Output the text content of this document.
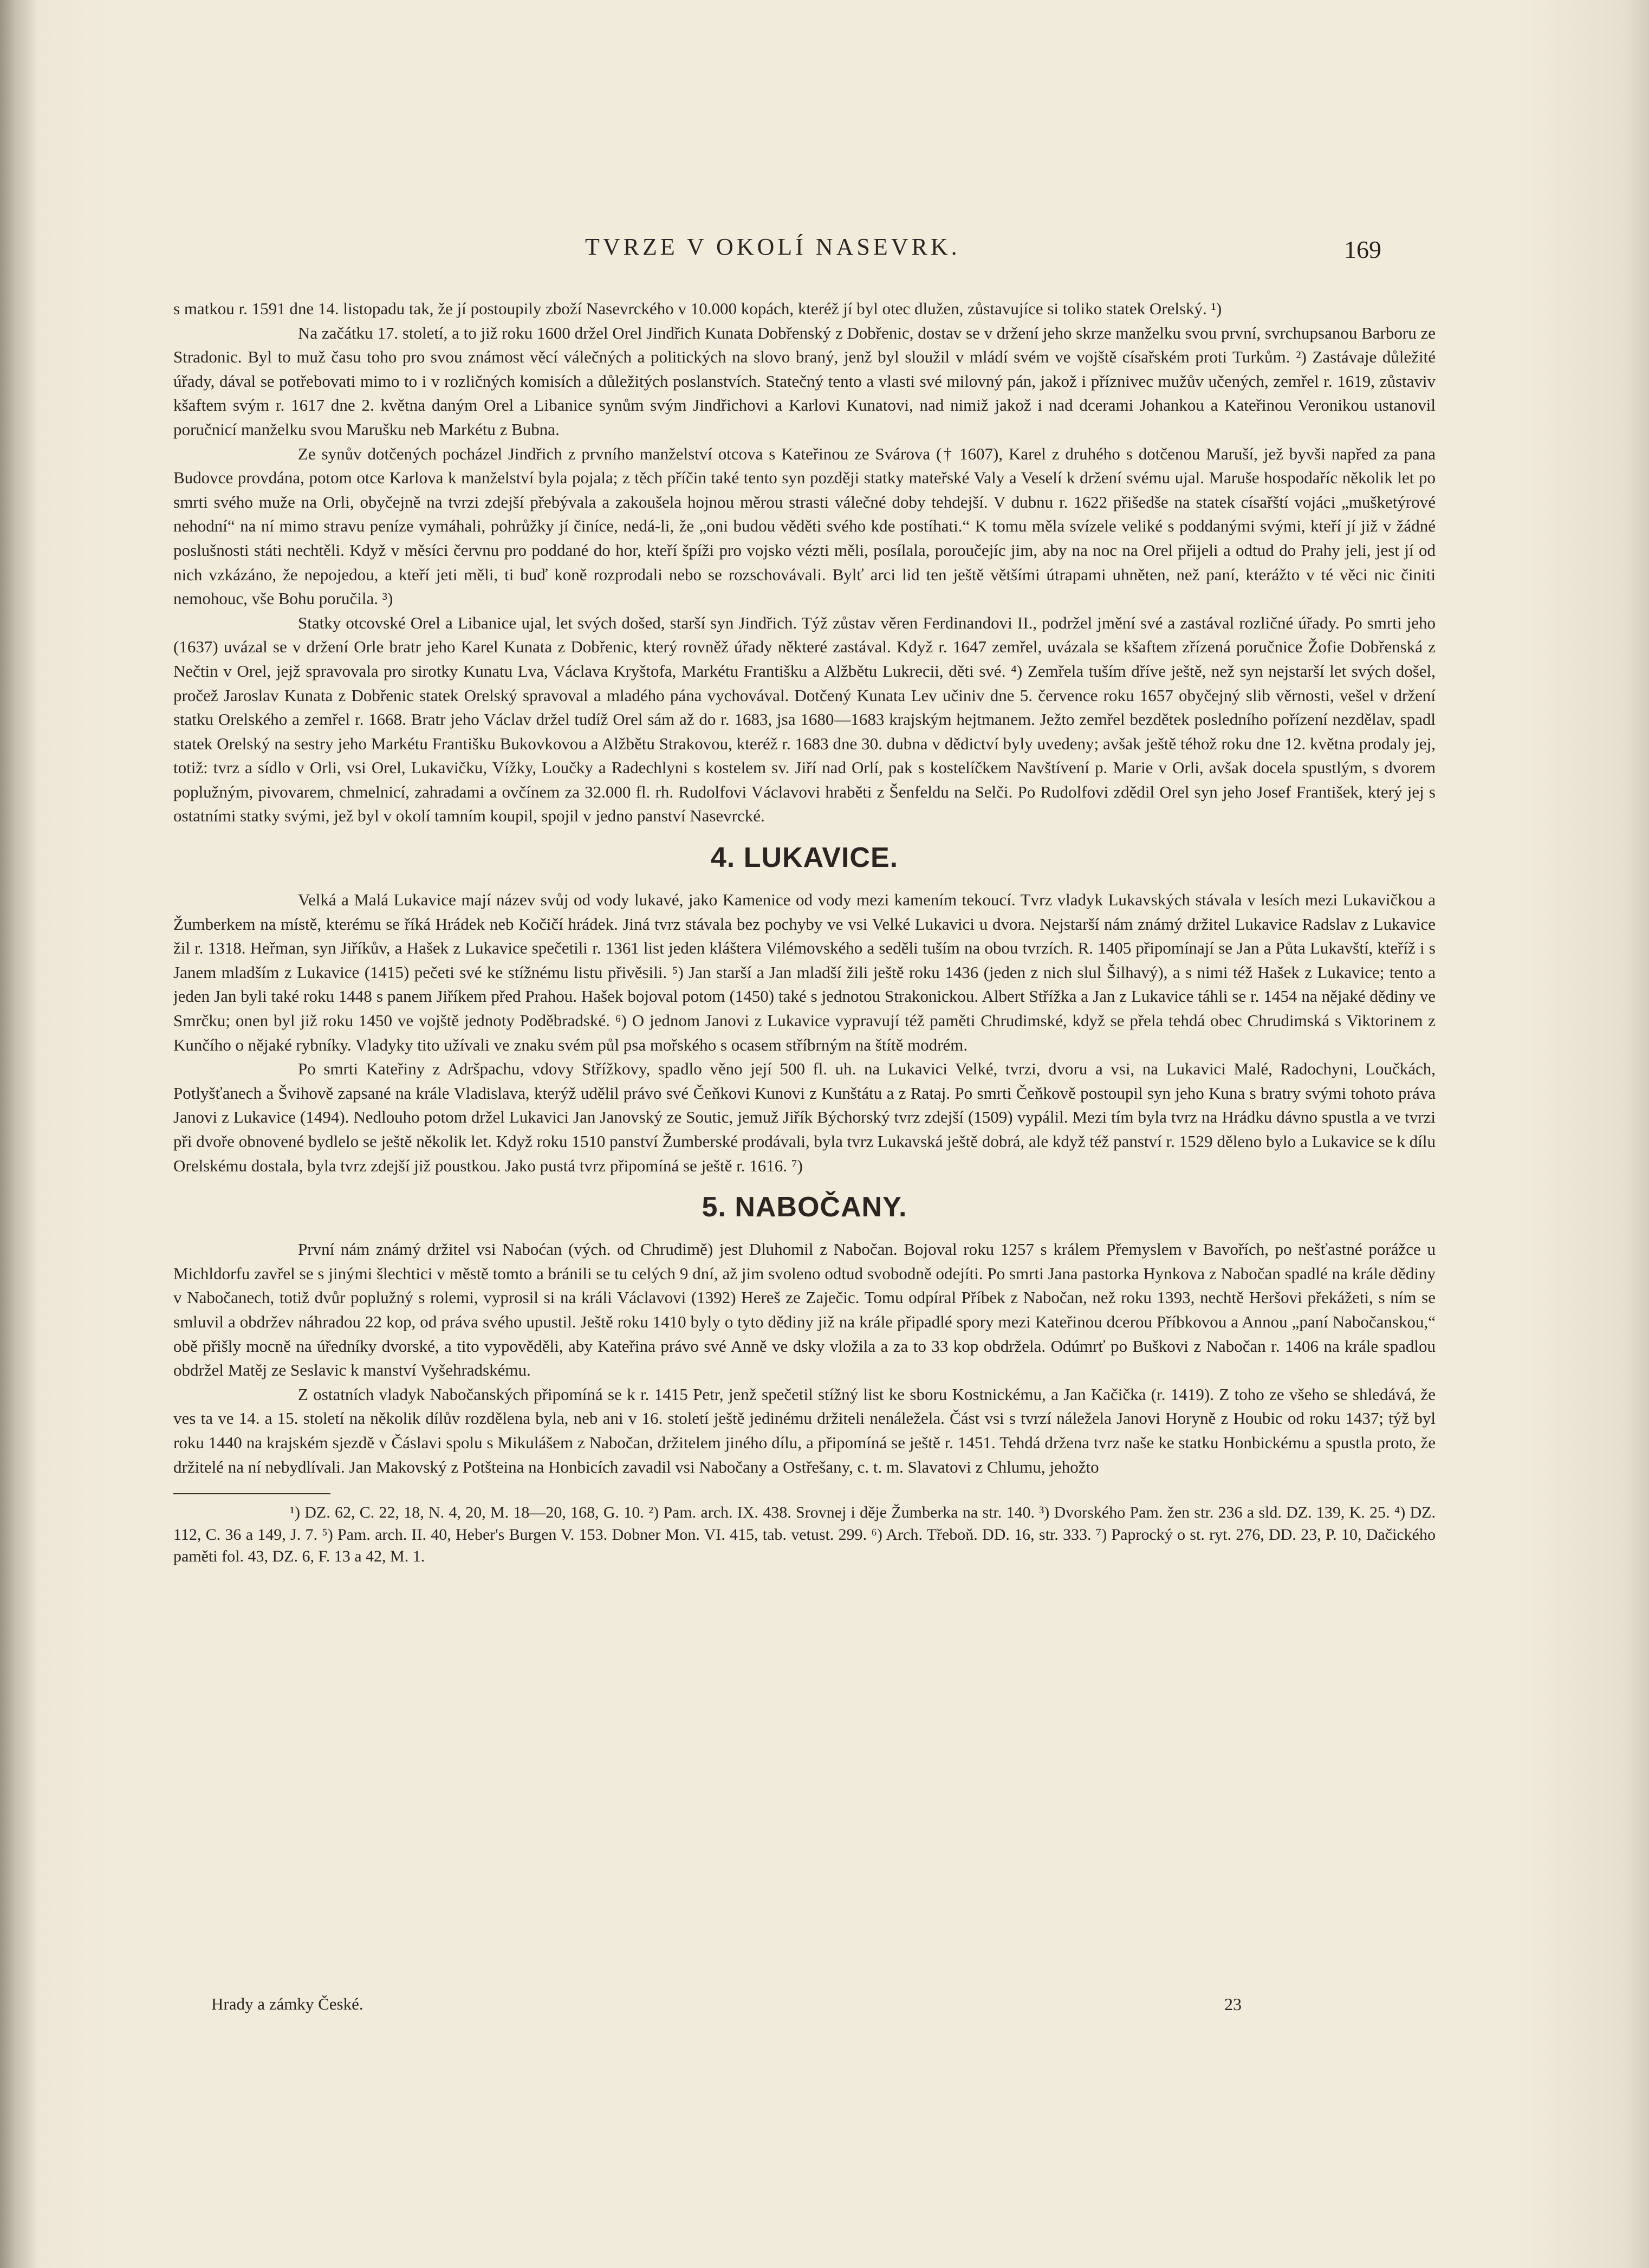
TVRZE V OKOLÍ NASEVRK.	169

s matkou r. 1591 dne 14. listopadu tak, že jí postoupily zboží Nasevrckého v 10.000 kopách, kteréž jí byl otec dlužen, zůstavujíce si toliko statek Orelský. ¹)

Na začátku 17. století, a to již roku 1600 držel Orel Jindřich Kunata Dobřenský z Dobřenic, dostav se v držení jeho skrze manželku svou první, svrchupsanou Barboru ze Stradonic. Byl to muž času toho pro svou známost věcí válečných a politických na slovo braný, jenž byl sloužil v mládí svém ve vojště císařském proti Turkům. ²) Zastávaje důležité úřady, dával se potřebovati mimo to i v rozličných komisích a důležitých poslanstvích. Statečný tento a vlasti své milovný pán, jakož i příznivec mužův učených, zemřel r. 1619, zůstaviv kšaftem svým r. 1617 dne 2. května daným Orel a Libanice synům svým Jindřichovi a Karlovi Kunatovi, nad nimiž jakož i nad dcerami Johankou a Kateřinou Veronikou ustanovil poručnicí manželku svou Marušku neb Markétu z Bubna.

Ze synův dotčených pocházel Jindřich z prvního manželství otcova s Kateřinou ze Svárova († 1607), Karel z druhého s dotčenou Maruší, jež byvši napřed za pana Budovce provdána, potom otce Karlova k manželství byla pojala; z těch příčin také tento syn později statky mateřské Valy a Veselí k držení svému ujal. Maruše hospodaříc několik let po smrti svého muže na Orli, obyčejně na tvrzi zdejší přebývala a zakoušela hojnou měrou strasti válečné doby tehdejší. V dubnu r. 1622 přišedše na statek císařští vojáci „mušketýrové nehodní“ na ní mimo stravu peníze vymáhali, pohrůžky jí činíce, nedá-li, že „oni budou věděti svého kde postíhati.“ K tomu měla svízele veliké s poddanými svými, kteří jí již v žádné poslušnosti státi nechtěli. Když v měsíci červnu pro poddané do hor, kteří špíži pro vojsko vézti měli, posílala, poroučejíc jim, aby na noc na Orel přijeli a odtud do Prahy jeli, jest jí od nich vzkázáno, že nepojedou, a kteří jeti měli, ti buď koně rozprodali nebo se rozschovávali. Bylť arci lid ten ještě většími útrapami uhněten, než paní, kterážto v té věci nic činiti nemohouc, vše Bohu poručila. ³)

Statky otcovské Orel a Libanice ujal, let svých došed, starší syn Jindřich. Týž zůstav věren Ferdinandovi II., podržel jmění své a zastával rozličné úřady. Po smrti jeho (1637) uvázal se v držení Orle bratr jeho Karel Kunata z Dobřenic, který rovněž úřady některé zastával. Když r. 1647 zemřel, uvázala se kšaftem zřízená poručnice Žofie Dobřenská z Nečtin v Orel, jejž spravovala pro sirotky Kunatu Lva, Václava Kryštofa, Markétu Františku a Alžbětu Lukrecii, děti své. ⁴) Zemřela tuším dříve ještě, než syn nejstarší let svých došel, pročež Jaroslav Kunata z Dobřenic statek Orelský spravoval a mladého pána vychovával. Dotčený Kunata Lev učiniv dne 5. července roku 1657 obyčejný slib věrnosti, vešel v držení statku Orelského a zemřel r. 1668. Bratr jeho Václav držel tudíž Orel sám až do r. 1683, jsa 1680—1683 krajským hejtmanem. Ježto zemřel bezdětek posledního pořízení nezdělav, spadl statek Orelský na sestry jeho Markétu Františku Bukovkovou a Alžbětu Strakovou, kteréž r. 1683 dne 30. dubna v dědictví byly uvedeny; avšak ještě téhož roku dne 12. května prodaly jej, totiž: tvrz a sídlo v Orli, vsi Orel, Lukavičku, Vížky, Loučky a Radechlyni s kostelem sv. Jiří nad Orlí, pak s kostelíčkem Navštívení p. Marie v Orli, avšak docela spustlým, s dvorem poplužným, pivovarem, chmelnicí, zahradami a ovčínem za 32.000 fl. rh. Rudolfovi Václavovi hraběti z Šenfeldu na Selči. Po Rudolfovi zdědil Orel syn jeho Josef František, který jej s ostatními statky svými, jež byl v okolí tamním koupil, spojil v jedno panství Nasevrcké.

4. LUKAVICE.

Velká a Malá Lukavice mají název svůj od vody lukavé, jako Kamenice od vody mezi kamením tekoucí. Tvrz vladyk Lukavských stávala v lesích mezi Lukavičkou a Žumberkem na místě, kterému se říká Hrádek neb Kočičí hrádek. Jiná tvrz stávala bez pochyby ve vsi Velké Lukavici u dvora. Nejstarší nám známý držitel Lukavice Radslav z Lukavice žil r. 1318. Heřman, syn Jiříkův, a Hašek z Lukavice spečetili r. 1361 list jeden kláštera Vilémovského a seděli tuším na obou tvrzích. R. 1405 připomínají se Jan a Půta Lukavští, kteříž i s Janem mladším z Lukavice (1415) pečeti své ke stížnému listu přivěsili. ⁵) Jan starší a Jan mladší žili ještě roku 1436 (jeden z nich slul Šilhavý), a s nimi též Hašek z Lukavice; tento a jeden Jan byli také roku 1448 s panem Jiříkem před Prahou. Hašek bojoval potom (1450) také s jednotou Strakonickou. Albert Střížka a Jan z Lukavice táhli se r. 1454 na nějaké dědiny ve Smrčku; onen byl již roku 1450 ve vojště jednoty Poděbradské. ⁶) O jednom Janovi z Lukavice vypravují též paměti Chrudimské, když se přela tehdá obec Chrudimská s Viktorinem z Kunčího o nějaké rybníky. Vladyky tito užívali ve znaku svém půl psa mořského s ocasem stříbrným na štítě modrém.

Po smrti Kateřiny z Adršpachu, vdovy Střížkovy, spadlo věno její 500 fl. uh. na Lukavici Velké, tvrzi, dvoru a vsi, na Lukavici Malé, Radochyni, Loučkách, Potlyšťanech a Švihově zapsané na krále Vladislava, kterýž udělil právo své Čeňkovi Kunovi z Kunštátu a z Rataj. Po smrti Čeňkově postoupil syn jeho Kuna s bratry svými tohoto práva Janovi z Lukavice (1494). Nedlouho potom držel Lukavici Jan Janovský ze Soutic, jemuž Jiřík Býchorský tvrz zdejší (1509) vypálil. Mezi tím byla tvrz na Hrádku dávno spustla a ve tvrzi při dvoře obnovené bydlelo se ještě několik let. Když roku 1510 panství Žumberské prodávali, byla tvrz Lukavská ještě dobrá, ale když též panství r. 1529 děleno bylo a Lukavice se k dílu Orelskému dostala, byla tvrz zdejší již poustkou. Jako pustá tvrz připomíná se ještě r. 1616. ⁷)

5. NABOČANY.

První nám známý držitel vsi Naboćan (vých. od Chrudimě) jest Dluhomil z Nabočan. Bojoval roku 1257 s králem Přemyslem v Bavořích, po nešťastné porážce u Michldorfu zavřel se s jinými šlechtici v městě tomto a bránili se tu celých 9 dní, až jim svoleno odtud svobodně odejíti. Po smrti Jana pastorka Hynkova z Nabočan spadlé na krále dědiny v Nabočanech, totiž dvůr poplužný s rolemi, vyprosil si na králi Václavovi (1392) Hereš ze Zaječic. Tomu odpíral Příbek z Nabočan, než roku 1393, nechtě Heršovi překážeti, s ním se smluvil a obdržev náhradou 22 kop, od práva svého upustil. Ještě roku 1410 byly o tyto dědiny již na krále připadlé spory mezi Kateřinou dcerou Příbkovou a Annou „paní Nabočanskou,“ obě přišly mocně na úředníky dvorské, a tito vypověděli, aby Kateřina právo své Anně ve dsky vložila a za to 33 kop obdržela. Odúmrť po Buškovi z Nabočan r. 1406 na krále spadlou obdržel Matěj ze Seslavic k manství Vyšehradskému.

Z ostatních vladyk Nabočanských připomíná se k r. 1415 Petr, jenž spečetil stížný list ke sboru Kostnickému, a Jan Kačička (r. 1419). Z toho ze všeho se shledává, že ves ta ve 14. a 15. století na několik dílův rozdělena byla, neb ani v 16. století ještě jedinému držiteli nenáležela. Část vsi s tvrzí náležela Janovi Horyně z Houbic od roku 1437; týž byl roku 1440 na krajském sjezdě v Čáslavi spolu s Mikulášem z Nabočan, držitelem jiného dílu, a připomíná se ještě r. 1451. Tehdá držena tvrz naše ke statku Honbickému a spustla proto, že držitelé na ní nebydlívali. Jan Makovský z Potšteina na Honbicích zavadil vsi Nabočany a Ostřešany, c. t. m. Slavatovi z Chlumu, jehožto

¹) DZ. 62, C. 22, 18, N. 4, 20, M. 18—20, 168, G. 10. ²) Pam. arch. IX. 438. Srovnej i děje Žumberka na str. 140. ³) Dvorského Pam. žen str. 236 a sld. DZ. 139, K. 25. ⁴) DZ. 112, C. 36 a 149, J. 7. ⁵) Pam. arch. II. 40, Heber's Burgen V. 153. Dobner Mon. VI. 415, tab. vetust. 299. ⁶) Arch. Třeboň. DD. 16, str. 333. ⁷) Paprocký o st. ryt. 276, DD. 23, P. 10, Dačického paměti fol. 43, DZ. 6, F. 13 a 42, M. 1.

Hrady a zámky České.	23
